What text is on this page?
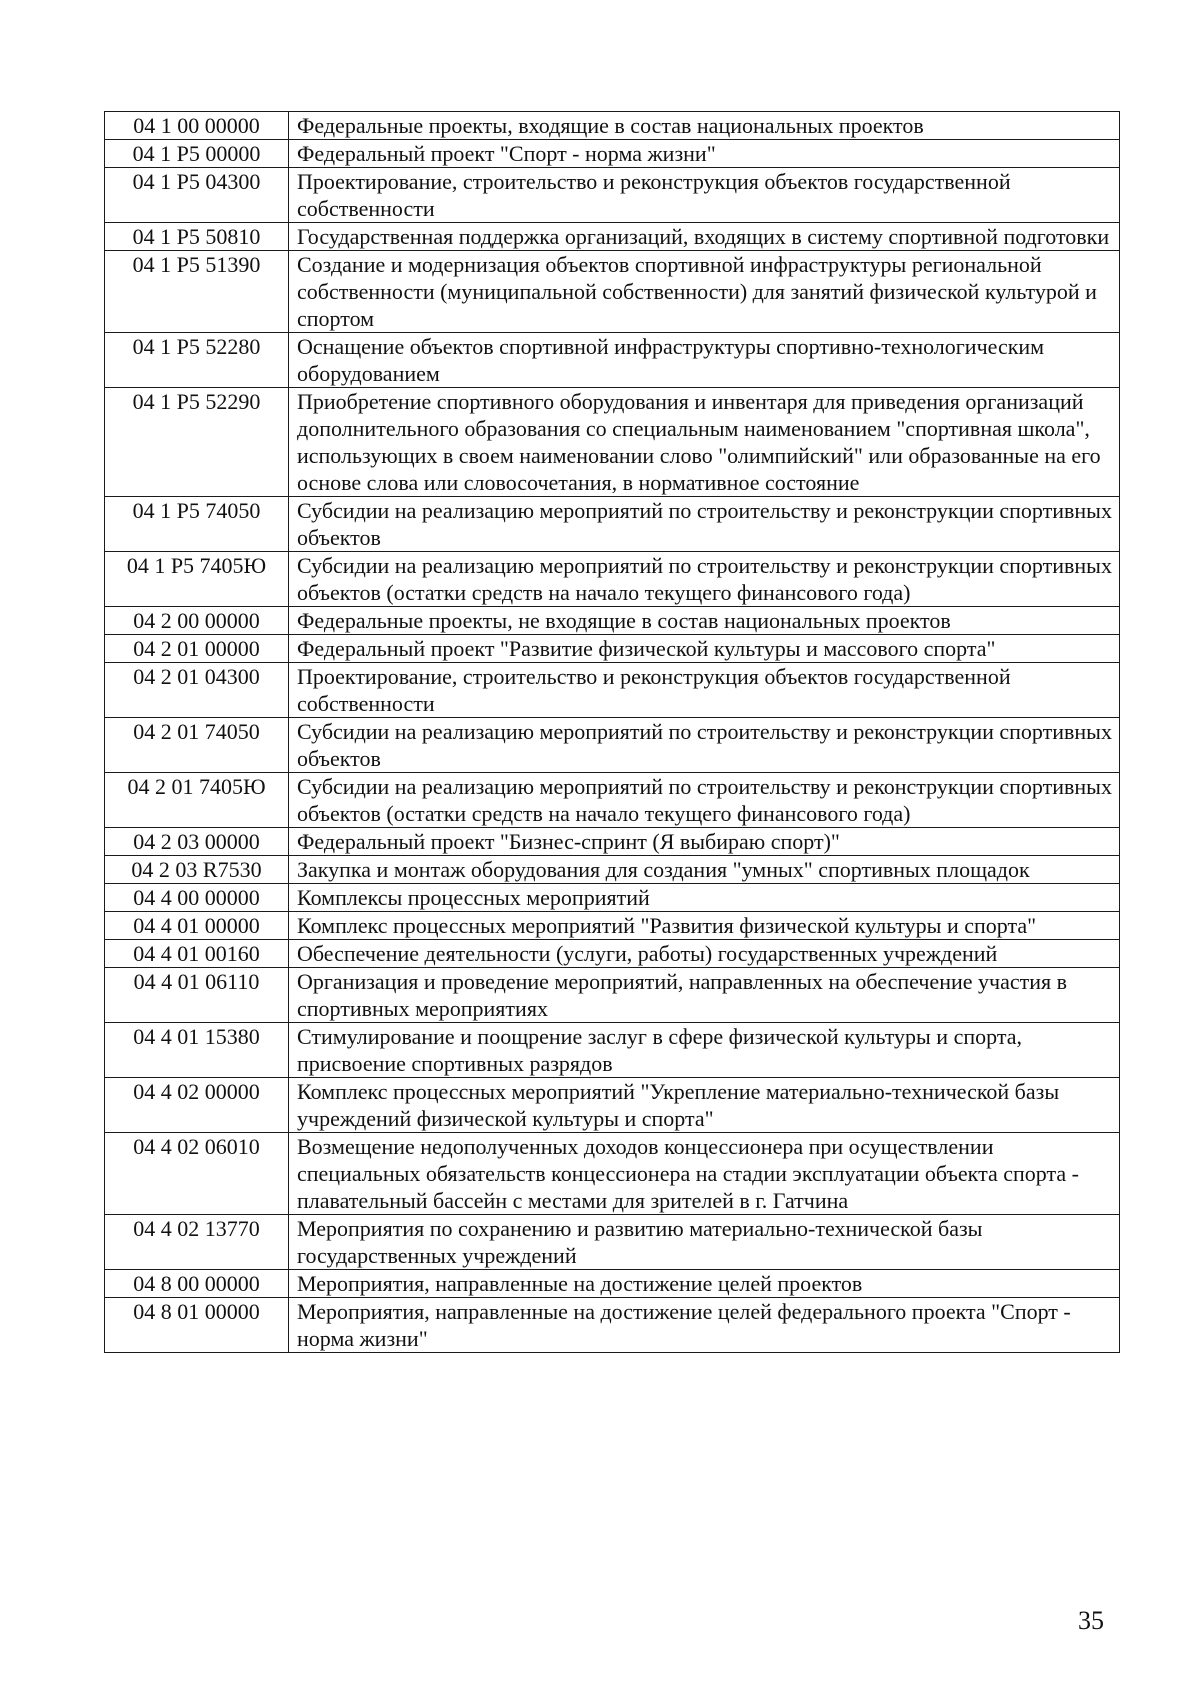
04 1 00 00000	Федеральные проекты, входящие в состав национальных проектов
04 1 P5 00000	Федеральный проект "Спорт - норма жизни"
04 1 P5 04300	Проектирование, строительство и реконструкция объектов государственной собственности
04 1 P5 50810	Государственная поддержка организаций, входящих в систему спортивной подготовки
04 1 P5 51390	Создание и модернизация объектов спортивной инфраструктуры региональной собственности (муниципальной собственности) для занятий физической культурой и спортом
04 1 P5 52280	Оснащение объектов спортивной инфраструктуры спортивно-технологическим оборудованием
04 1 P5 52290	Приобретение спортивного оборудования и инвентаря для приведения организаций дополнительного образования со специальным наименованием "спортивная школа", использующих в своем наименовании слово "олимпийский" или образованные на его основе слова или словосочетания, в нормативное состояние
04 1 P5 74050	Субсидии на реализацию мероприятий по строительству и реконструкции спортивных объектов
04 1 P5 7405Ю	Субсидии на реализацию мероприятий по строительству и реконструкции спортивных объектов (остатки средств на начало текущего финансового года)
04 2 00 00000	Федеральные проекты, не входящие в состав национальных проектов
04 2 01 00000	Федеральный проект "Развитие физической культуры и массового спорта"
04 2 01 04300	Проектирование, строительство и реконструкция объектов государственной собственности
04 2 01 74050	Субсидии на реализацию мероприятий по строительству и реконструкции спортивных объектов
04 2 01 7405Ю	Субсидии на реализацию мероприятий по строительству и реконструкции спортивных объектов (остатки средств на начало текущего финансового года)
04 2 03 00000	Федеральный проект "Бизнес-спринт (Я выбираю спорт)"
04 2 03 R7530	Закупка и монтаж оборудования для создания "умных" спортивных площадок
04 4 00 00000	Комплексы процессных мероприятий
04 4 01 00000	Комплекс процессных мероприятий "Развития физической культуры и спорта"
04 4 01 00160	Обеспечение деятельности (услуги, работы) государственных учреждений
04 4 01 06110	Организация и проведение мероприятий, направленных на обеспечение участия в спортивных мероприятиях
04 4 01 15380	Стимулирование и поощрение заслуг в сфере физической культуры и спорта, присвоение спортивных разрядов
04 4 02 00000	Комплекс процессных мероприятий "Укрепление материально-технической базы учреждений физической культуры и спорта"
04 4 02 06010	Возмещение недополученных доходов концессионера при осуществлении специальных обязательств концессионера на стадии эксплуатации объекта спорта - плавательный бассейн с местами для зрителей в г. Гатчина
04 4 02 13770	Мероприятия по сохранению и развитию материально-технической базы государственных учреждений
04 8 00 00000	Мероприятия, направленные на достижение целей проектов
04 8 01 00000	Мероприятия, направленные на достижение целей федерального проекта "Спорт - норма жизни"
35
